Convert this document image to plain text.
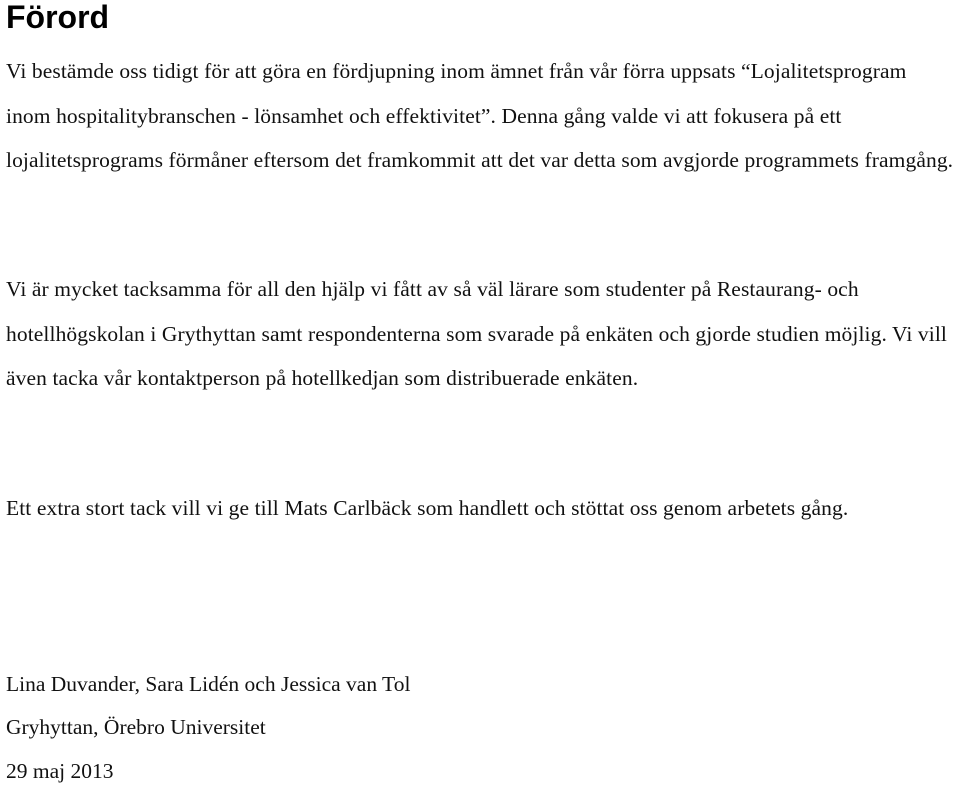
Förord

Vi bestämde oss tidigt för att göra en fördjupning inom ämnet från vår förra uppsats “Lojalitetsprogram inom hospitalitybranschen - lönsamhet och effektivitet”. Denna gång valde vi att fokusera på ett lojalitetsprograms förmåner eftersom det framkommit att det var detta som avgjorde programmets framgång.

Vi är mycket tacksamma för all den hjälp vi fått av så väl lärare som studenter på Restaurang- och hotellhögskolan i Grythyttan samt respondenterna som svarade på enkäten och gjorde studien möjlig. Vi vill även tacka vår kontaktperson på hotellkedjan som distribuerade enkäten.

Ett extra stort tack vill vi ge till Mats Carlbäck som handlett och stöttat oss genom arbetets gång.

Lina Duvander, Sara Lidén och Jessica van Tol

Gryhyttan, Örebro Universitet

29 maj 2013
